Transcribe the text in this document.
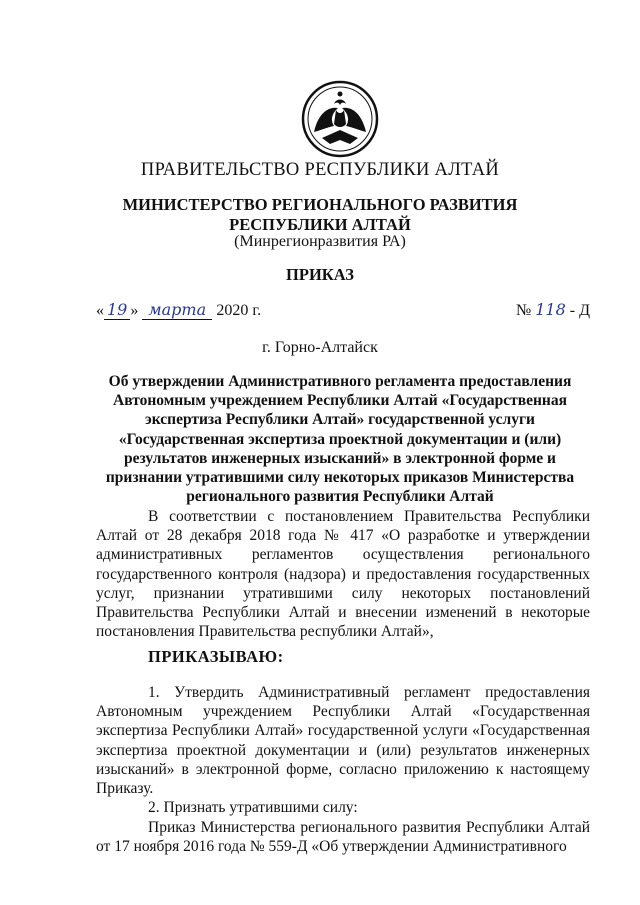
ПРАВИТЕЛЬСТВО РЕСПУБЛИКИ АЛТАЙ
МИНИСТЕРСТВО РЕГИОНАЛЬНОГО РАЗВИТИЯ
РЕСПУБЛИКИ АЛТАЙ
(Минрегионразвития РА)
ПРИКАЗ
« 19 » марта 2020 г.	№ 118 - Д
г. Горно-Алтайск
Об утверждении Административного регламента предоставления Автономным учреждением Республики Алтай «Государственная экспертиза Республики Алтай» государственной услуги «Государственная экспертиза проектной документации и (или) результатов инженерных изысканий» в электронной форме и признании утратившими силу некоторых приказов Министерства регионального развития Республики Алтай

В соответствии с постановлением Правительства Республики Алтай от 28 декабря 2018 года № 417 «О разработке и утверждении административных регламентов осуществления регионального государственного контроля (надзора) и предоставления государственных услуг, признании утратившими силу некоторых постановлений Правительства Республики Алтай и внесении изменений в некоторые постановления Правительства республики Алтай»,

ПРИКАЗЫВАЮ:

1. Утвердить Административный регламент предоставления Автономным учреждением Республики Алтай «Государственная экспертиза Республики Алтай» государственной услуги «Государственная экспертиза проектной документации и (или) результатов инженерных изысканий» в электронной форме, согласно приложению к настоящему Приказу.

2. Признать утратившими силу:

Приказ Министерства регионального развития Республики Алтай от 17 ноября 2016 года № 559-Д «Об утверждении Административного
